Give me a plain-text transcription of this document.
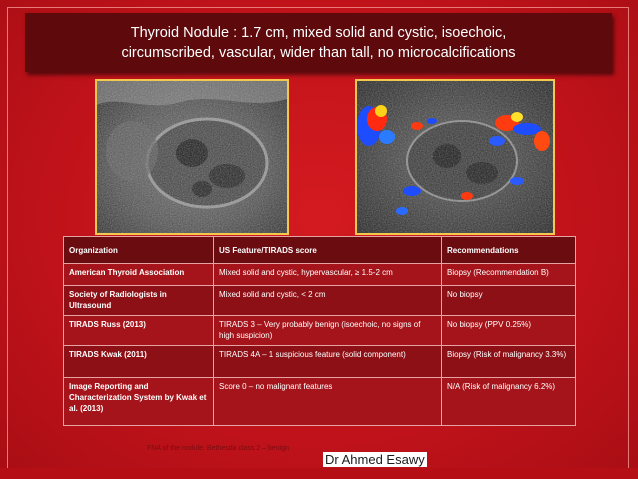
Thyroid Nodule : 1.7 cm, mixed solid and cystic, isoechoic,
circumscribed, vascular, wider than tall, no microcalcifications
Organization	US Feature/TIRADS score	Recommendations
American Thyroid Association	Mixed solid and cystic, hypervascular, ≥ 1.5-2 cm	Biopsy (Recommendation B)
Society of Radiologists in Ultrasound	Mixed solid and cystic, < 2 cm	No biopsy
TIRADS Russ (2013)	TIRADS 3 – Very probably benign (isoechoic, no signs of high suspicion)	No biopsy (PPV 0.25%)
TIRADS Kwak (2011)	TIRADS 4A – 1 suspicious feature (solid component)	Biopsy (Risk of malignancy 3.3%)
Image Reporting and Characterization System by Kwak et al. (2013)	Score 0 – no malignant features	N/A (Risk of malignancy 6.2%)
FNA of the nodule: Bethesda class 2 – benign
Dr Ahmed Esawy
